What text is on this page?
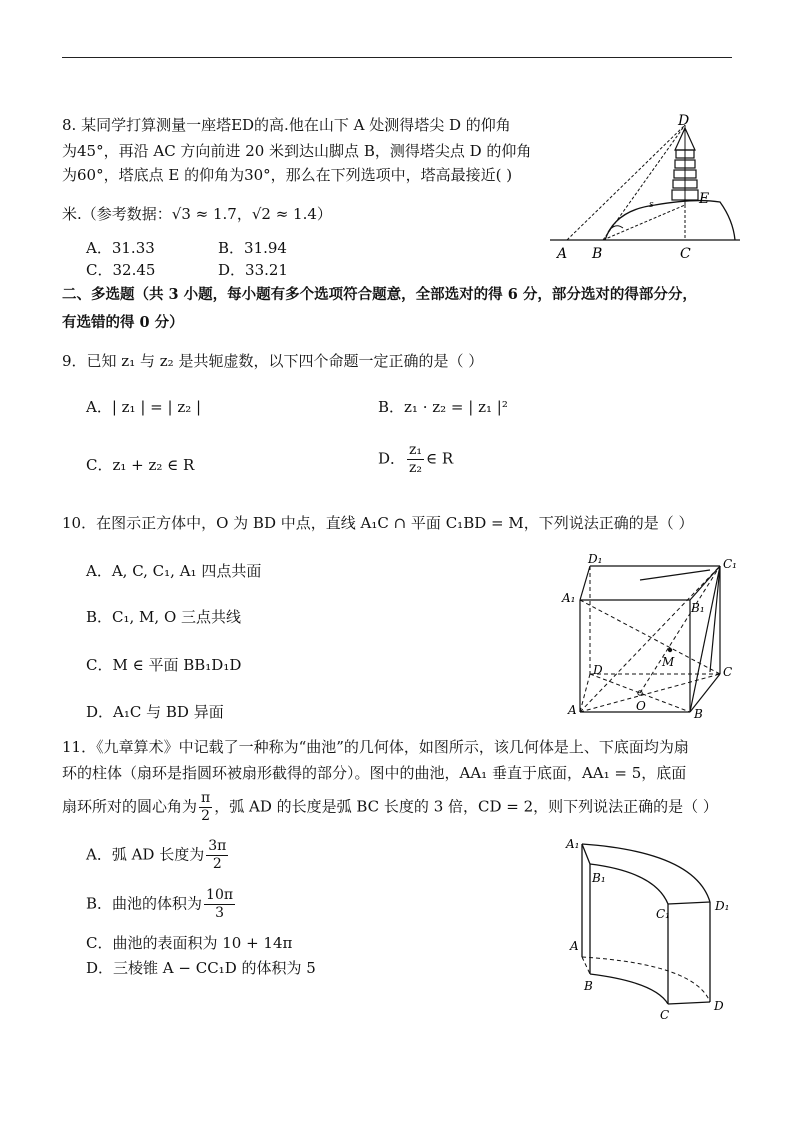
8. 某同学打算测量一座塔ED的高.他在山下 A 处测得塔尖 D 的仰角
为45°，再沿 AC 方向前进 20 米到达山脚点 B，测得塔尖点 D 的仰角
为60°，塔底点 E 的仰角为30°，那么在下列选项中，塔高最接近( )
米.（参考数据：√3 ≈ 1.7，√2 ≈ 1.4）
A．31.33	B．31.94
C．32.45	D．33.21
D
E
s
A B	C
二、多选题（共 3 小题，每小题有多个选项符合题意，全部选对的得 6 分，部分选对的得部分分，
有选错的得 0 分）
9．已知 z₁ 与 z₂ 是共轭虚数，以下四个命题一定正确的是（ ）
A．| z₁ | = | z₂ |	B．z₁ · z₂ = | z₁ |²
C．z₁ + z₂ ∈ R	D． $\frac{\text{z₁}}{\text{z₂}}$ ∈ R
10．在图示正方体中，O 为 BD 中点，直线 A₁C ∩ 平面 C₁BD = M，下列说法正确的是（ ）
A．A, C, C₁, A₁ 四点共面
B．C₁, M, O 三点共线
C．M ∈ 平面 BB₁D₁D
D．A₁C 与 BD 异面
D₁	C₁
A₁
B₁
D	C
A	B
M
O
11．《九章算术》中记载了一种称为“曲池”的几何体，如图所示，该几何体是上、下底面均为扇
环的柱体（扇环是指圆环被扇形截得的部分）。图中的曲池，AA₁ 垂直于底面，AA₁ = 5，底面
扇环所对的圆心角为 $\frac{\pi}{2}$ ，弧 AD 的长度是弧 BC 长度的 3 倍，CD = 2，则下列说法正确的是（ ）
A．弧 AD 长度为 $\frac{3\pi}{2}$
B．曲池的体积为 $\frac{10\pi}{3}$
C．曲池的表面积为 10 + 14π
D．三棱锥 A − CC₁D 的体积为 5
A₁
B₁
C₁
D₁
A
B
C
D
